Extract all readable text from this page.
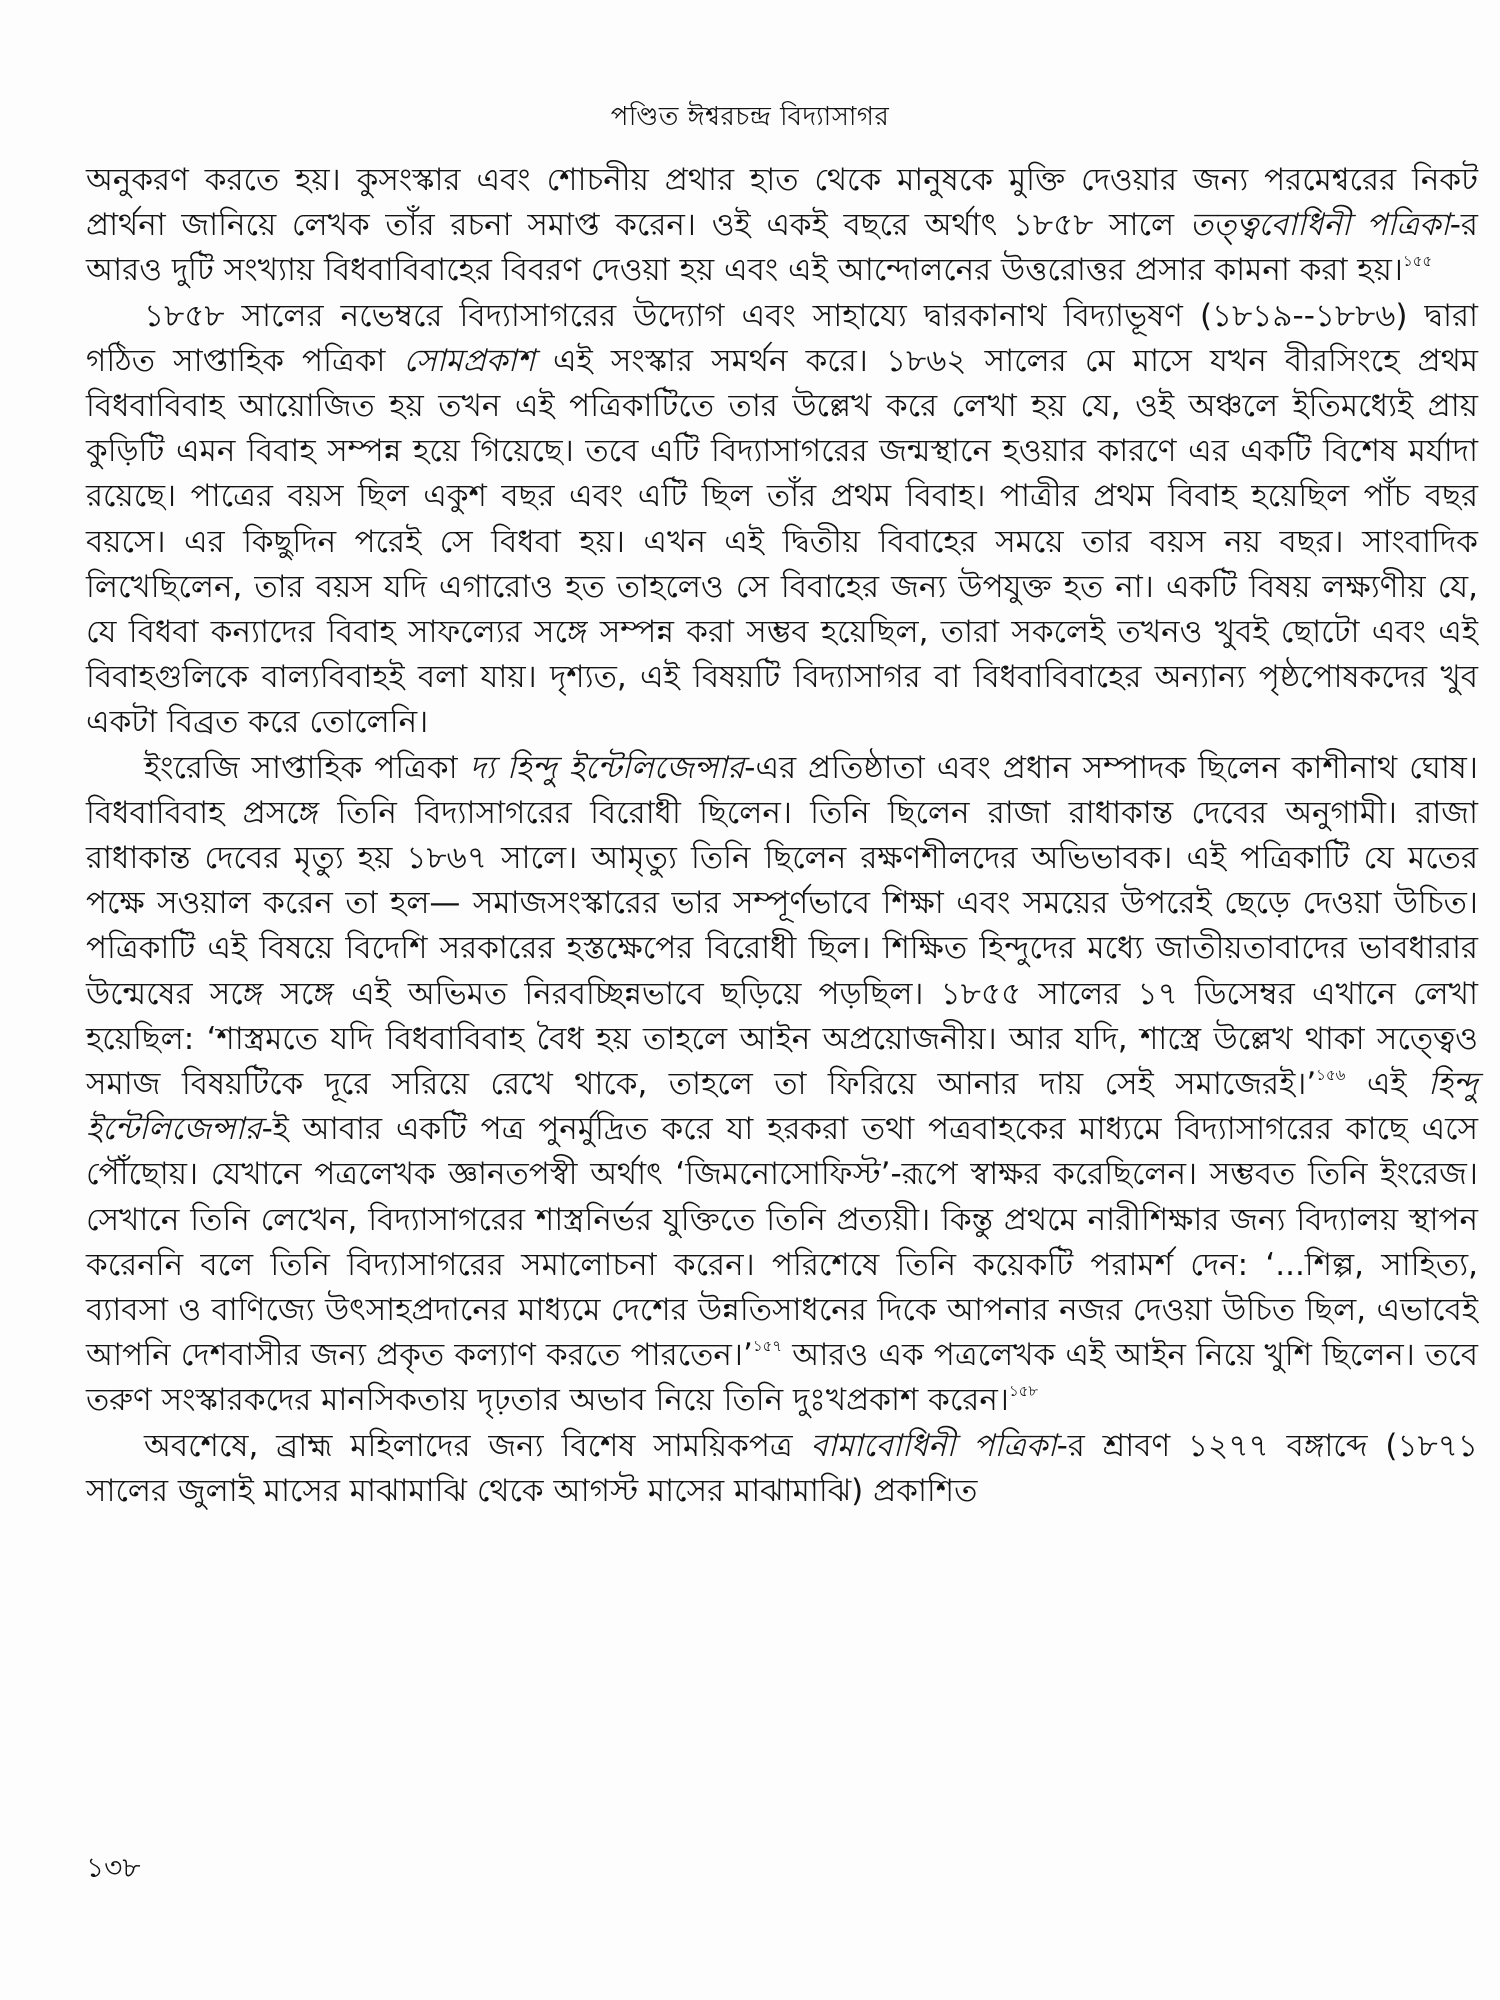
পণ্ডিত ঈশ্বরচন্দ্র বিদ্যাসাগর

অনুকরণ করতে হয়। কুসংস্কার এবং শোচনীয় প্রথার হাত থেকে মানুষকে মুক্তি দেওয়ার জন্য পরমেশ্বরের নিকট প্রার্থনা জানিয়ে লেখক তাঁর রচনা সমাপ্ত করেন। ওই একই বছরে অর্থাৎ ১৮৫৮ সালে তত্ত্ববোধিনী পত্রিকা-র আরও দুটি সংখ্যায় বিধবাবিবাহের বিবরণ দেওয়া হয় এবং এই আন্দোলনের উত্তরোত্তর প্রসার কামনা করা হয়।$^{১৫৫}$

১৮৫৮ সালের নভেম্বরে বিদ্যাসাগরের উদ্যোগ এবং সাহায্যে দ্বারকানাথ বিদ্যাভূষণ (১৮১৯--১৮৮৬) দ্বারা গঠিত সাপ্তাহিক পত্রিকা সোমপ্রকাশ এই সংস্কার সমর্থন করে। ১৮৬২ সালের মে মাসে যখন বীরসিংহে প্রথম বিধবাবিবাহ আয়োজিত হয় তখন এই পত্রিকাটিতে তার উল্লেখ করে লেখা হয় যে, ওই অঞ্চলে ইতিমধ্যেই প্রায় কুড়িটি এমন বিবাহ সম্পন্ন হয়ে গিয়েছে। তবে এটি বিদ্যাসাগরের জন্মস্থানে হওয়ার কারণে এর একটি বিশেষ মর্যাদা রয়েছে। পাত্রের বয়স ছিল একুশ বছর এবং এটি ছিল তাঁর প্রথম বিবাহ। পাত্রীর প্রথম বিবাহ হয়েছিল পাঁচ বছর বয়সে। এর কিছুদিন পরেই সে বিধবা হয়। এখন এই দ্বিতীয় বিবাহের সময়ে তার বয়স নয় বছর। সাংবাদিক লিখেছিলেন, তার বয়স যদি এগারোও হত তাহলেও সে বিবাহের জন্য উপযুক্ত হত না। একটি বিষয় লক্ষ্যণীয় যে, যে বিধবা কন্যাদের বিবাহ সাফল্যের সঙ্গে সম্পন্ন করা সম্ভব হয়েছিল, তারা সকলেই তখনও খুবই ছোটো এবং এই বিবাহগুলিকে বাল্যবিবাহই বলা যায়। দৃশ্যত, এই বিষয়টি বিদ্যাসাগর বা বিধবাবিবাহের অন্যান্য পৃষ্ঠপোষকদের খুব একটা বিব্রত করে তোলেনি।

ইংরেজি সাপ্তাহিক পত্রিকা দ্য হিন্দু ইন্টেলিজেন্সার-এর প্রতিষ্ঠাতা এবং প্রধান সম্পাদক ছিলেন কাশীনাথ ঘোষ। বিধবাবিবাহ প্রসঙ্গে তিনি বিদ্যাসাগরের বিরোধী ছিলেন। তিনি ছিলেন রাজা রাধাকান্ত দেবের অনুগামী। রাজা রাধাকান্ত দেবের মৃত্যু হয় ১৮৬৭ সালে। আমৃত্যু তিনি ছিলেন রক্ষণশীলদের অভিভাবক। এই পত্রিকাটি যে মতের পক্ষে সওয়াল করেন তা হল— সমাজসংস্কারের ভার সম্পূর্ণভাবে শিক্ষা এবং সময়ের উপরেই ছেড়ে দেওয়া উচিত। পত্রিকাটি এই বিষয়ে বিদেশি সরকারের হস্তক্ষেপের বিরোধী ছিল। শিক্ষিত হিন্দুদের মধ্যে জাতীয়তাবাদের ভাবধারার উন্মেষের সঙ্গে সঙ্গে এই অভিমত নিরবচ্ছিন্নভাবে ছড়িয়ে পড়ছিল। ১৮৫৫ সালের ১৭ ডিসেম্বর এখানে লেখা হয়েছিল: ‘শাস্ত্রমতে যদি বিধবাবিবাহ বৈধ হয় তাহলে আইন অপ্রয়োজনীয়। আর যদি, শাস্ত্রে উল্লেখ থাকা সত্ত্বেও সমাজ বিষয়টিকে দূরে সরিয়ে রেখে থাকে, তাহলে তা ফিরিয়ে আনার দায় সেই সমাজেরই।’$^{১৫৬}$ এই হিন্দু ইন্টেলিজেন্সার-ই আবার একটি পত্র পুনর্মুদ্রিত করে যা হরকরা তথা পত্রবাহকের মাধ্যমে বিদ্যাসাগরের কাছে এসে পৌঁছোয়। যেখানে পত্রলেখক জ্ঞানতপস্বী অর্থাৎ ‘জিমনোসোফিস্ট’-রূপে স্বাক্ষর করেছিলেন। সম্ভবত তিনি ইংরেজ। সেখানে তিনি লেখেন, বিদ্যাসাগরের শাস্ত্রনির্ভর যুক্তিতে তিনি প্রত্যয়ী। কিন্তু প্রথমে নারীশিক্ষার জন্য বিদ্যালয় স্থাপন করেননি বলে তিনি বিদ্যাসাগরের সমালোচনা করেন। পরিশেষে তিনি কয়েকটি পরামর্শ দেন: ‘...শিল্প, সাহিত্য, ব্যাবসা ও বাণিজ্যে উৎসাহপ্রদানের মাধ্যমে দেশের উন্নতিসাধনের দিকে আপনার নজর দেওয়া উচিত ছিল, এভাবেই আপনি দেশবাসীর জন্য প্রকৃত কল্যাণ করতে পারতেন।’$^{১৫৭}$ আরও এক পত্রলেখক এই আইন নিয়ে খুশি ছিলেন। তবে তরুণ সংস্কারকদের মানসিকতায় দৃঢ়তার অভাব নিয়ে তিনি দুঃখপ্রকাশ করেন।$^{১৫৮}$

অবশেষে, ব্রাহ্ম মহিলাদের জন্য বিশেষ সাময়িকপত্র বামাবোধিনী পত্রিকা-র শ্রাবণ ১২৭৭ বঙ্গাব্দে (১৮৭১ সালের জুলাই মাসের মাঝামাঝি থেকে আগস্ট মাসের মাঝামাঝি) প্রকাশিত

১৩৮
